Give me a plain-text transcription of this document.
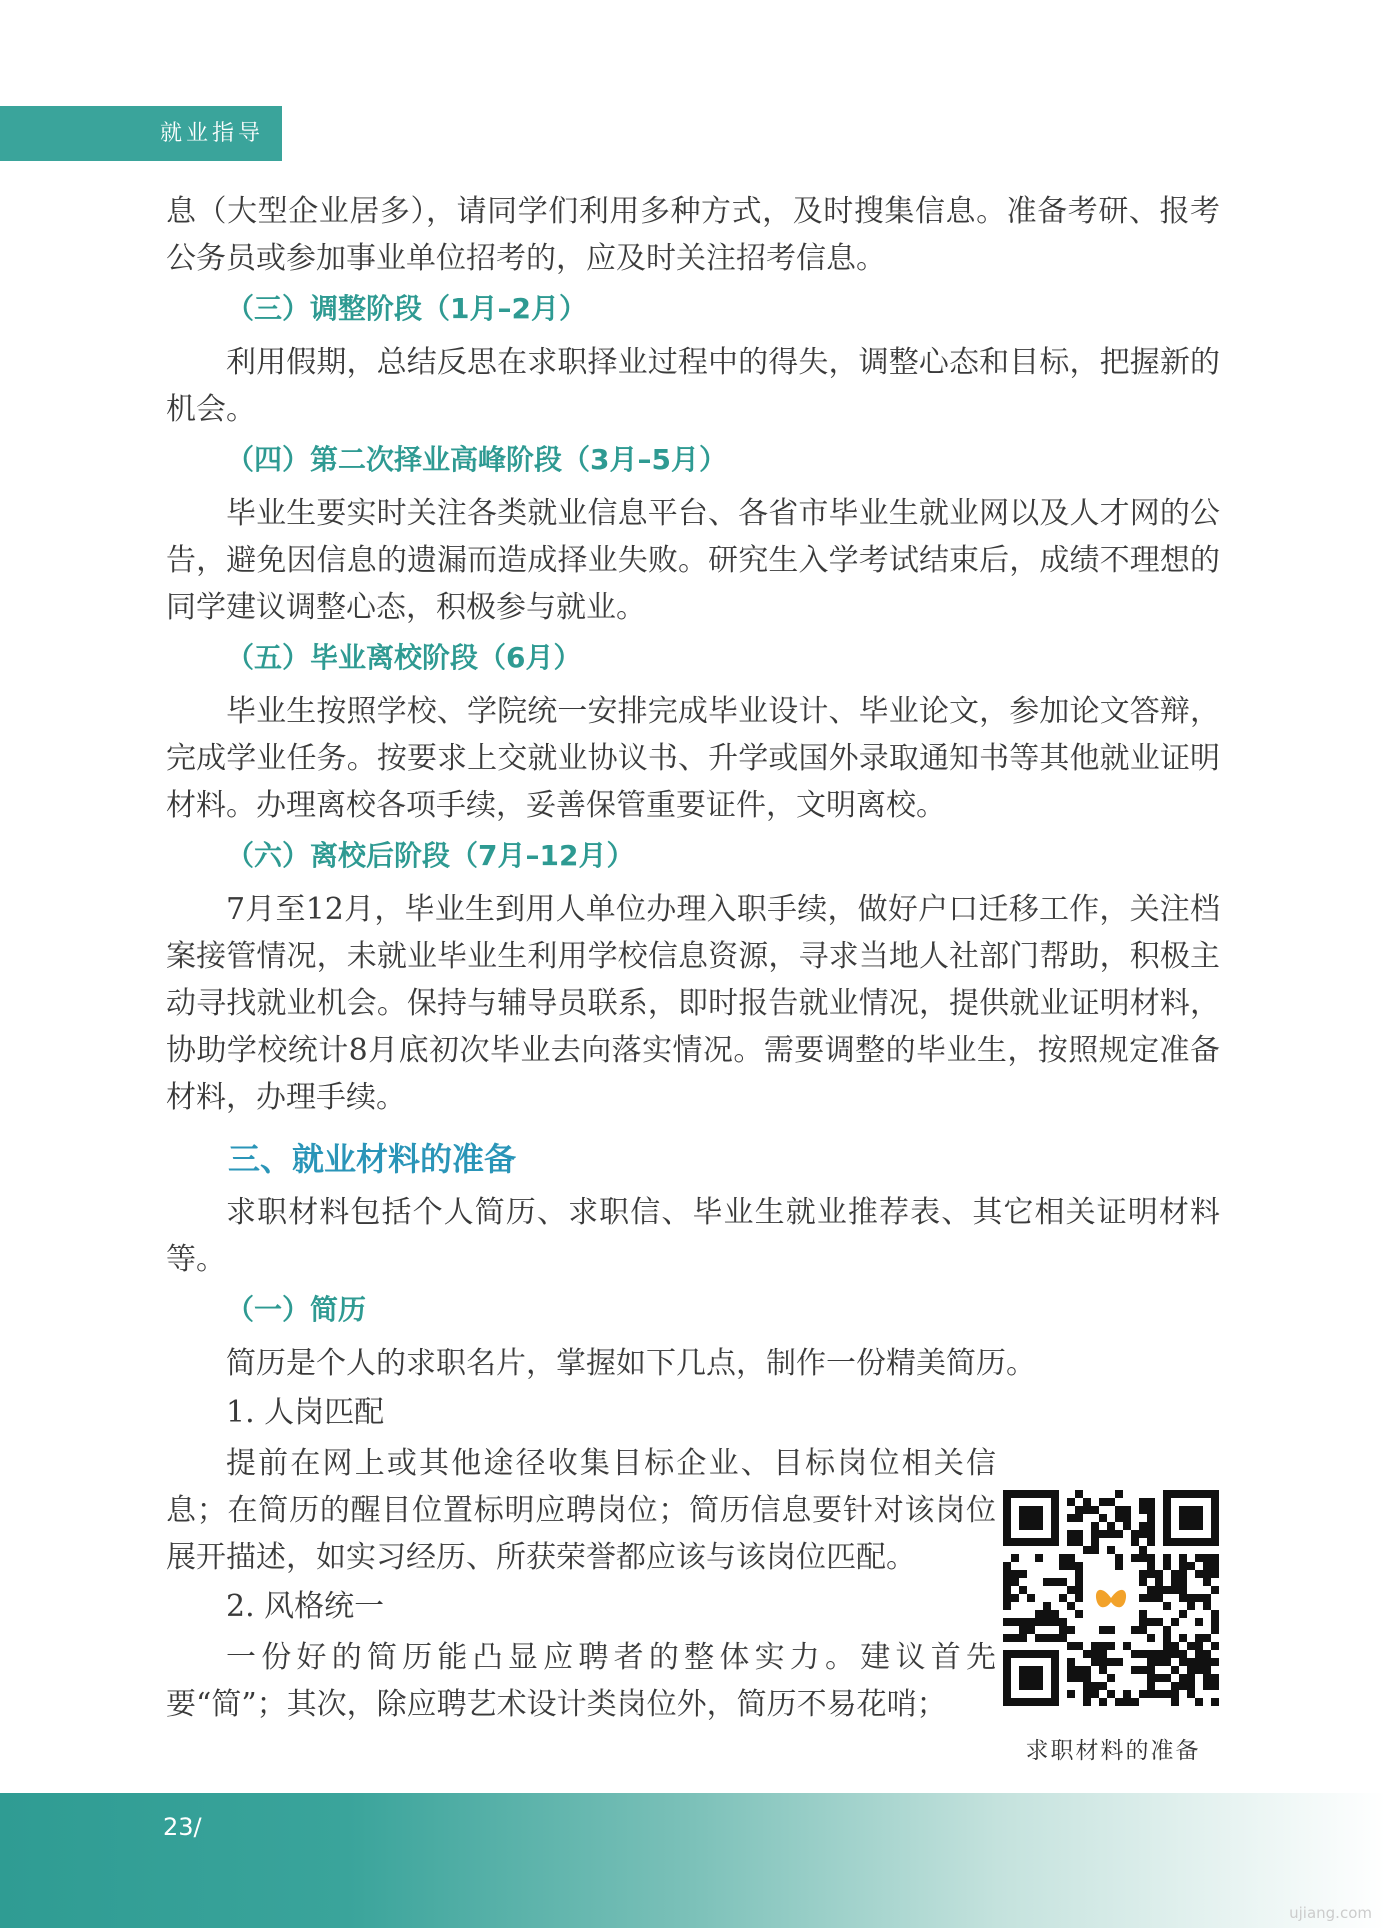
就业指导

息（大型企业居多），请同学们利用多种方式，及时搜集信息。准备考研、报考公务员或参加事业单位招考的，应及时关注招考信息。

（三）调整阶段（1月–2月）

利用假期，总结反思在求职择业过程中的得失，调整心态和目标，把握新的机会。

（四）第二次择业高峰阶段（3月–5月）

毕业生要实时关注各类就业信息平台、各省市毕业生就业网以及人才网的公告，避免因信息的遗漏而造成择业失败。研究生入学考试结束后，成绩不理想的同学建议调整心态，积极参与就业。

（五）毕业离校阶段（6月）

毕业生按照学校、学院统一安排完成毕业设计、毕业论文，参加论文答辩，完成学业任务。按要求上交就业协议书、升学或国外录取通知书等其他就业证明材料。办理离校各项手续，妥善保管重要证件，文明离校。

（六）离校后阶段（7月–12月）

7月至12月，毕业生到用人单位办理入职手续，做好户口迁移工作，关注档案接管情况，未就业毕业生利用学校信息资源，寻求当地人社部门帮助，积极主动寻找就业机会。保持与辅导员联系，即时报告就业情况，提供就业证明材料，协助学校统计8月底初次毕业去向落实情况。需要调整的毕业生，按照规定准备材料，办理手续。

三、就业材料的准备

求职材料包括个人简历、求职信、毕业生就业推荐表、其它相关证明材料等。

（一）简历

简历是个人的求职名片，掌握如下几点，制作一份精美简历。

1. 人岗匹配

提前在网上或其他途径收集目标企业、目标岗位相关信息；在简历的醒目位置标明应聘岗位；简历信息要针对该岗位展开描述，如实习经历、所获荣誉都应该与该岗位匹配。

2. 风格统一

一份好的简历能凸显应聘者的整体实力。建议首先要“简”；其次，除应聘艺术设计类岗位外，简历不易花哨；

求职材料的准备
23/
ujiang.com
